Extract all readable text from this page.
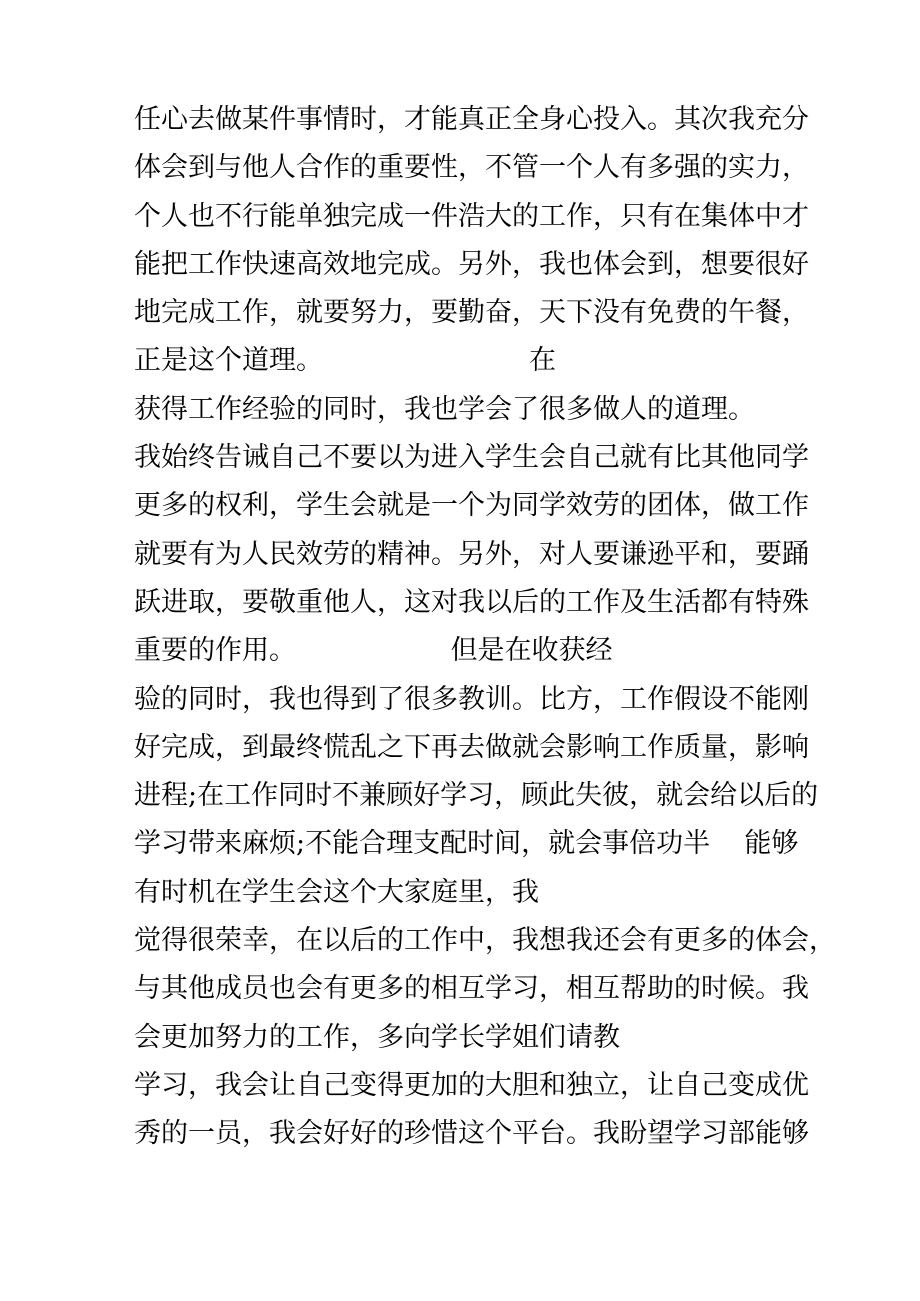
任心去做某件事情时，才能真正全身心投入。其次我充分
体会到与他人合作的重要性，不管一个人有多强的实力，
个人也不行能单独完成一件浩大的工作，只有在集体中才
能把工作快速高效地完成。另外，我也体会到，想要很好
地完成工作，就要努力，要勤奋，天下没有免费的午餐，
正是这个道理。                        在
获得工作经验的同时，我也学会了很多做人的道理。
我始终告诫自己不要以为进入学生会自己就有比其他同学
更多的权利，学生会就是一个为同学效劳的团体，做工作
就要有为人民效劳的精神。另外，对人要谦逊平和，要踊
跃进取，要敬重他人，这对我以后的工作及生活都有特殊
重要的作用。                  但是在收获经
验的同时，我也得到了很多教训。比方，工作假设不能刚
好完成，到最终慌乱之下再去做就会影响工作质量，影响
进程;在工作同时不兼顾好学习，顾此失彼，就会给以后的
学习带来麻烦;不能合理支配时间，就会事倍功半    能够
有时机在学生会这个大家庭里，我
觉得很荣幸，在以后的工作中，我想我还会有更多的体会，
与其他成员也会有更多的相互学习，相互帮助的时候。我
会更加努力的工作，多向学长学姐们请教
学习，我会让自己变得更加的大胆和独立，让自己变成优
秀的一员，我会好好的珍惜这个平台。我盼望学习部能够
